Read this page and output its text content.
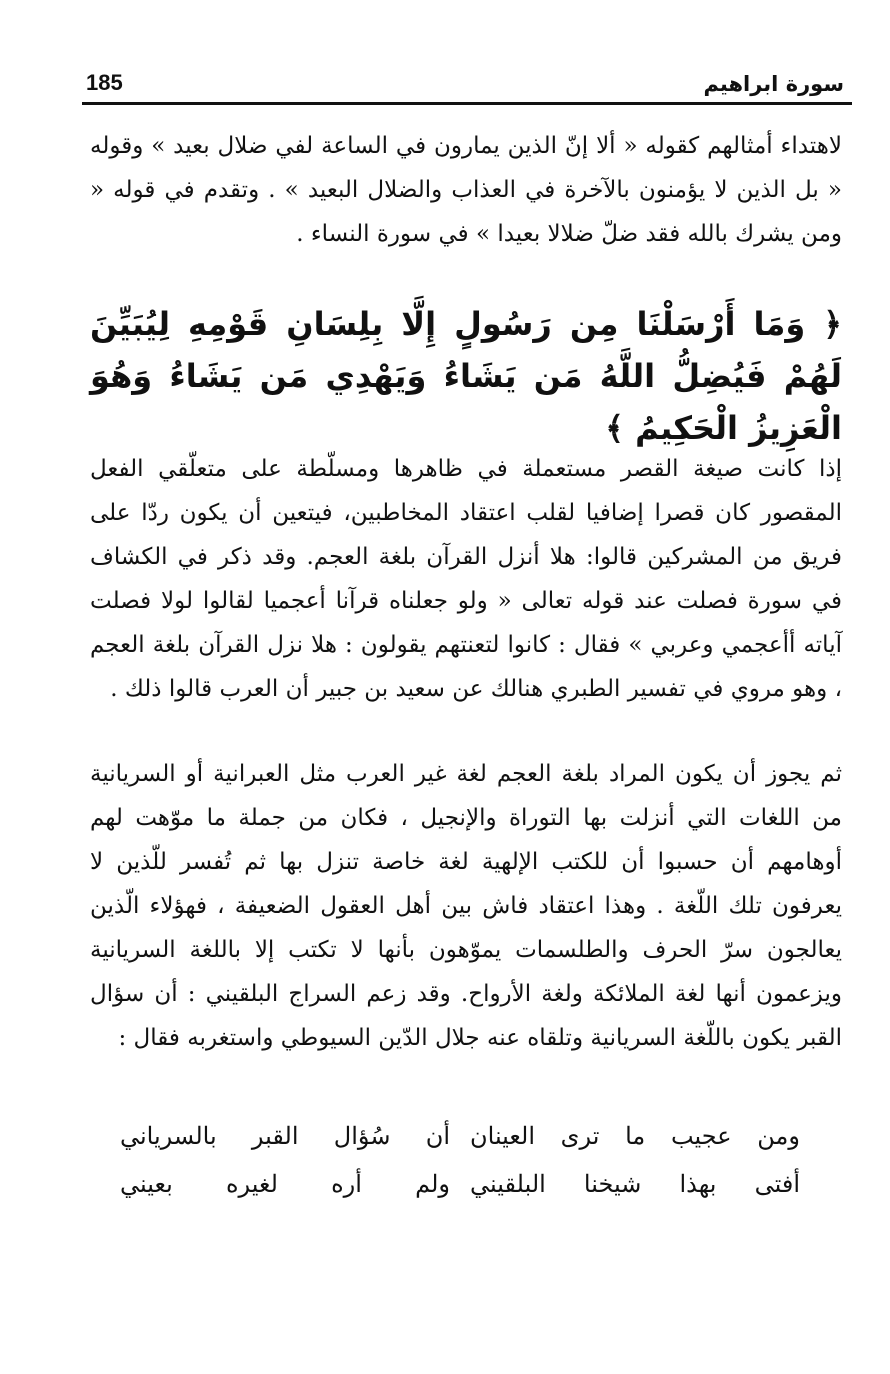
185	سورة ابراهيم

لاهتداء أمثالهم كقوله « ألا إنّ الذين يمارون في الساعة لفي ضلال بعيد » وقوله « بل الذين لا يؤمنون بالآخرة في العذاب والضلال البعيد » . وتقدم في قوله « ومن يشرك بالله فقد ضلّ ضلالا بعيدا » في سورة النساء .

﴿ وَمَا أَرْسَلْنَا مِن رَسُولٍ إِلَّا بِلِسَانِ قَوْمِهِ لِيُبَيِّنَ لَهُمْ فَيُضِلُّ اللَّهُ مَن يَشَاءُ وَيَهْدِي مَن يَشَاءُ وَهُوَ الْعَزِيزُ الْحَكِيمُ ﴾

إذا كانت صيغة القصر مستعملة في ظاهرها ومسلّطة على متعلّقي الفعل المقصور كان قصرا إضافيا لقلب اعتقاد المخاطبين، فيتعين أن يكون ردّا على فريق من المشركين قالوا: هلا أنزل القرآن بلغة العجم. وقد ذكر في الكشاف في سورة فصلت عند قوله تعالى « ولو جعلناه قرآنا أعجميا لقالوا لولا فصلت آياته أأعجمي وعربي » فقال : كانوا لتعنتهم يقولون : هلا نزل القرآن بلغة العجم ، وهو مروي في تفسير الطبري هنالك عن سعيد بن جبير أن العرب قالوا ذلك .

ثم يجوز أن يكون المراد بلغة العجم لغة غير العرب مثل العبرانية أو السريانية من اللغات التي أنزلت بها التوراة والإنجيل ، فكان من جملة ما موّهت لهم أوهامهم أن حسبوا أن للكتب الإلهية لغة خاصة تنزل بها ثم تُفسر للّذين لا يعرفون تلك اللّغة . وهذا اعتقاد فاش بين أهل العقول الضعيفة ، فهؤلاء الّذين يعالجون سرّ الحرف والطلسمات يموّهون بأنها لا تكتب إلا باللغة السريانية ويزعمون أنها لغة الملائكة ولغة الأرواح. وقد زعم السراج البلقيني : أن سؤال القبر يكون باللّغة السريانية وتلقاه عنه جلال الدّين السيوطي واستغربه فقال :

ومن عجيب ما ترى العينان
أن سُؤال القبر بالسرياني
أفتى بهذا شيخنا البلقيني
ولم أره لغيره بعيني
